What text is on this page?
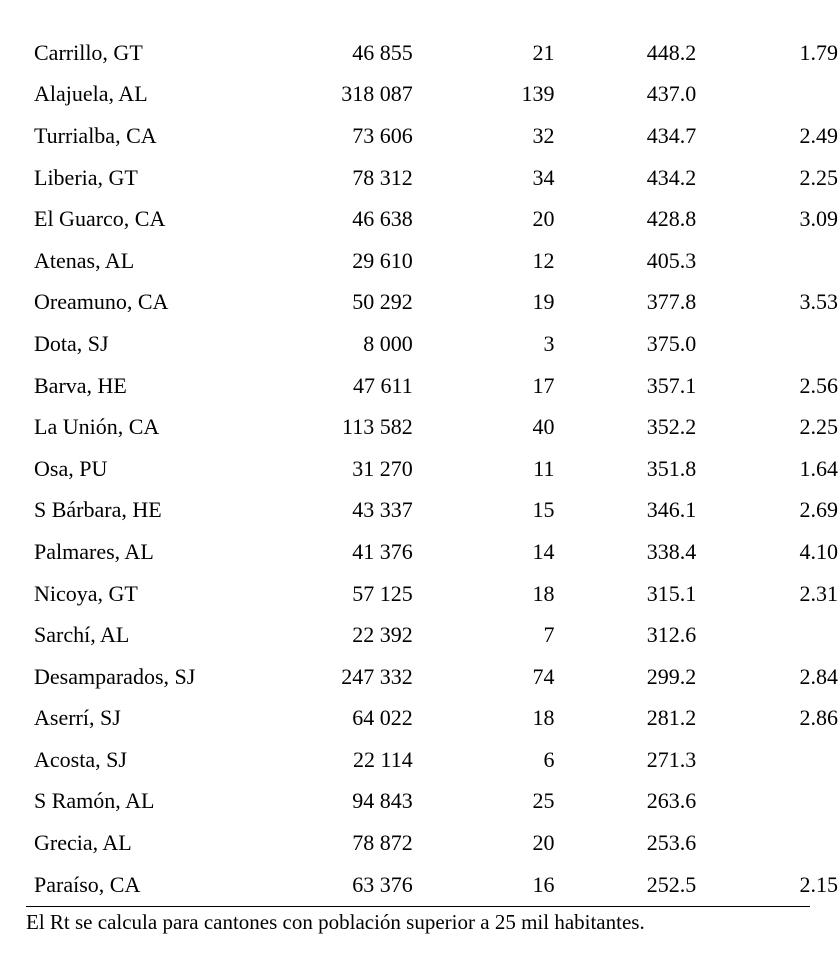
Carrillo, GT	46 855	21	448.2	1.79
Alajuela, AL	318 087	139	437.0	
Turrialba, CA	73 606	32	434.7	2.49
Liberia, GT	78 312	34	434.2	2.25
El Guarco, CA	46 638	20	428.8	3.09
Atenas, AL	29 610	12	405.3	
Oreamuno, CA	50 292	19	377.8	3.53
Dota, SJ	8 000	3	375.0	
Barva, HE	47 611	17	357.1	2.56
La Unión, CA	113 582	40	352.2	2.25
Osa, PU	31 270	11	351.8	1.64
S Bárbara, HE	43 337	15	346.1	2.69
Palmares, AL	41 376	14	338.4	4.10
Nicoya, GT	57 125	18	315.1	2.31
Sarchí, AL	22 392	7	312.6	
Desamparados, SJ	247 332	74	299.2	2.84
Aserrí, SJ	64 022	18	281.2	2.86
Acosta, SJ	22 114	6	271.3	
S Ramón, AL	94 843	25	263.6	
Grecia, AL	78 872	20	253.6	
Paraíso, CA	63 376	16	252.5	2.15
El Rt se calcula para cantones con población superior a 25 mil habitantes.
